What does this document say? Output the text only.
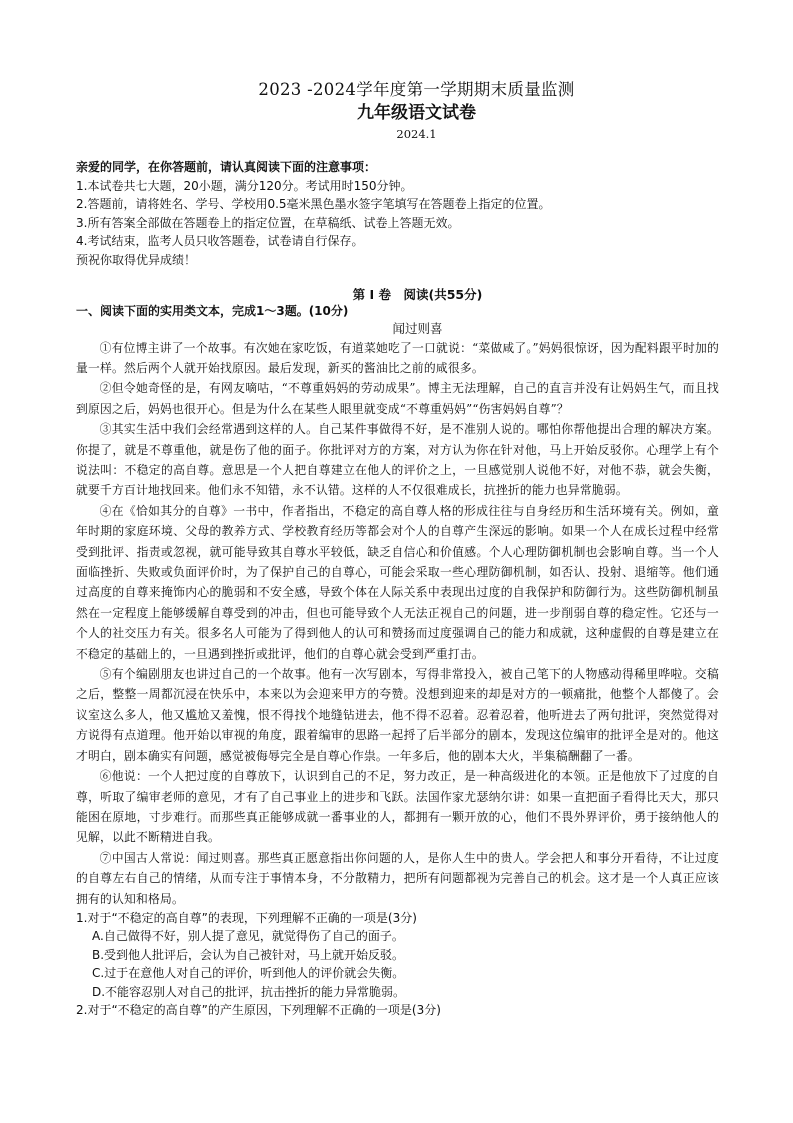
2023 -2024学年度第一学期期末质量监测
九年级语文试卷
2024.1
亲爱的同学，在你答题前，请认真阅读下面的注意事项：
1.本试卷共七大题，20小题，满分120分。考试用时150分钟。
2.答题前，请将姓名、学号、学校用0.5毫米黑色墨水签字笔填写在答题卷上指定的位置。
3.所有答案全部做在答题卷上的指定位置，在草稿纸、试卷上答题无效。
4.考试结束，监考人员只收答题卷，试卷请自行保存。
预祝你取得优异成绩！
第 I 卷　阅读(共55分)
一、阅读下面的实用类文本，完成1～3题。(10分)
闻过则喜

①有位博主讲了一个故事。有次她在家吃饭，有道菜她吃了一口就说：“菜做咸了。”妈妈很惊讶，因为配料跟平时加的量一样。然后两个人就开始找原因。最后发现，新买的酱油比之前的咸很多。

②但令她奇怪的是，有网友嘀咕，“不尊重妈妈的劳动成果”。博主无法理解，自己的直言并没有让妈妈生气，而且找到原因之后，妈妈也很开心。但是为什么在某些人眼里就变成“不尊重妈妈”“伤害妈妈自尊”？

③其实生活中我们会经常遇到这样的人。自己某件事做得不好，是不准别人说的。哪怕你帮他提出合理的解决方案。你提了，就是不尊重他，就是伤了他的面子。你批评对方的方案，对方认为你在针对他，马上开始反驳你。心理学上有个说法叫：不稳定的高自尊。意思是一个人把自尊建立在他人的评价之上，一旦感觉别人说他不好，对他不恭，就会失衡，就要千方百计地找回来。他们永不知错，永不认错。这样的人不仅很难成长，抗挫折的能力也异常脆弱。

④在《恰如其分的自尊》一书中，作者指出，不稳定的高自尊人格的形成往往与自身经历和生活环境有关。例如，童年时期的家庭环境、父母的教养方式、学校教育经历等都会对个人的自尊产生深远的影响。如果一个人在成长过程中经常受到批评、指责或忽视，就可能导致其自尊水平较低，缺乏自信心和价值感。个人心理防御机制也会影响自尊。当一个人面临挫折、失败或负面评价时，为了保护自己的自尊心，可能会采取一些心理防御机制，如否认、投射、退缩等。他们通过高度的自尊来掩饰内心的脆弱和不安全感，导致个体在人际关系中表现出过度的自我保护和防御行为。这些防御机制虽然在一定程度上能够缓解自尊受到的冲击，但也可能导致个人无法正视自己的问题，进一步削弱自尊的稳定性。它还与一个人的社交压力有关。很多名人可能为了得到他人的认可和赞扬而过度强调自己的能力和成就，这种虚假的自尊是建立在不稳定的基础上的，一旦遇到挫折或批评，他们的自尊心就会受到严重打击。

⑤有个编剧朋友也讲过自己的一个故事。他有一次写剧本，写得非常投入，被自己笔下的人物感动得稀里哗啦。交稿之后，整整一周都沉浸在快乐中，本来以为会迎来甲方的夸赞。没想到迎来的却是对方的一顿痛批，他整个人都傻了。会议室这么多人，他又尴尬又羞愧，恨不得找个地缝钻进去，他不得不忍着。忍着忍着，他听进去了两句批评，突然觉得对方说得有点道理。他开始以审视的角度，跟着编审的思路一起捋了后半部分的剧本，发现这位编审的批评全是对的。他这才明白，剧本确实有问题，感觉被侮辱完全是自尊心作祟。一年多后，他的剧本大火，半集稿酬翻了一番。

⑥他说：一个人把过度的自尊放下，认识到自己的不足，努力改正，是一种高级进化的本领。正是他放下了过度的自尊，听取了编审老师的意见，才有了自己事业上的进步和飞跃。法国作家尤瑟纳尔讲：如果一直把面子看得比天大，那只能困在原地，寸步难行。而那些真正能够成就一番事业的人，都拥有一颗开放的心，他们不畏外界评价，勇于接纳他人的见解，以此不断精进自我。

⑦中国古人常说：闻过则喜。那些真正愿意指出你问题的人，是你人生中的贵人。学会把人和事分开看待，不让过度的自尊左右自己的情绪，从而专注于事情本身，不分散精力，把所有问题都视为完善自己的机会。这才是一个人真正应该拥有的认知和格局。

1.对于“不稳定的高自尊”的表现，下列理解不正确的一项是(3分)
A.自己做得不好，别人提了意见，就觉得伤了自己的面子。
B.受到他人批评后，会认为自己被针对，马上就开始反驳。
C.过于在意他人对自己的评价，听到他人的评价就会失衡。
D.不能容忍别人对自己的批评，抗击挫折的能力异常脆弱。
2.对于“不稳定的高自尊”的产生原因，下列理解不正确的一项是(3分)
